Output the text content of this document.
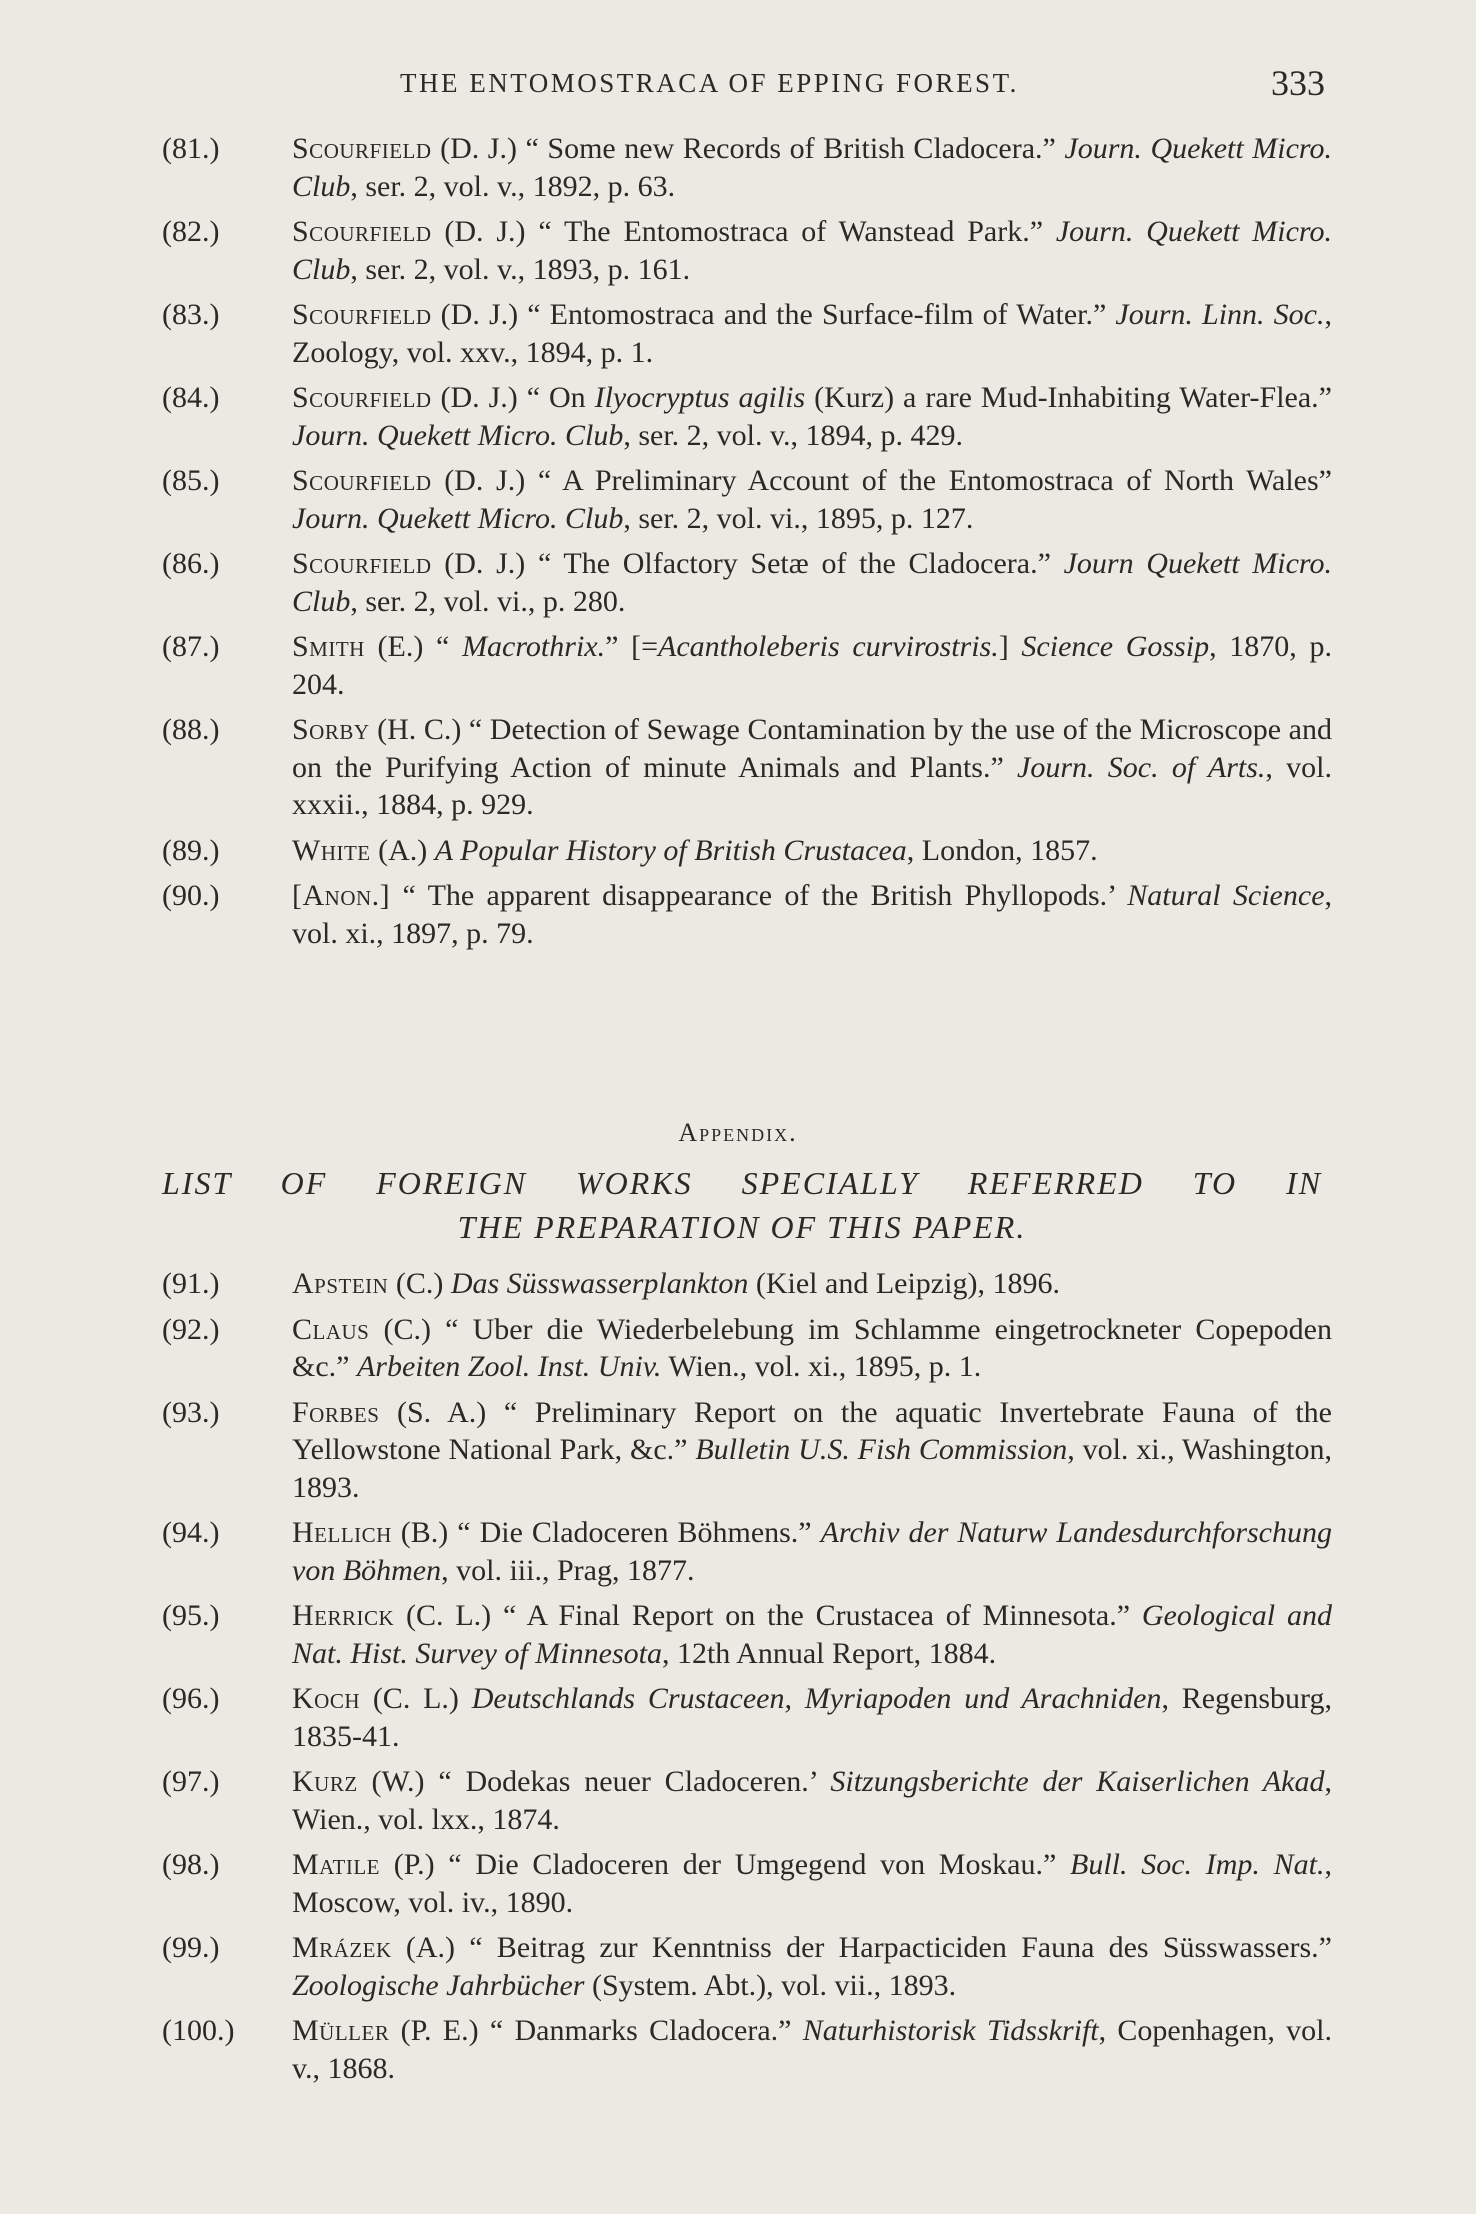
THE ENTOMOSTRACA OF EPPING FOREST.	333
(81.) Scourfield (D. J.) “ Some new Records of British Cladocera.” Journ. Quekett Micro. Club, ser. 2, vol. v., 1892, p. 63.
(82.) Scourfield (D. J.) “ The Entomostraca of Wanstead Park.” Journ. Quekett Micro. Club, ser. 2, vol. v., 1893, p. 161.
(83.) Scourfield (D. J.) “ Entomostraca and the Surface-film of Water.” Journ. Linn. Soc., Zoology, vol. xxv., 1894, p. 1.
(84.) Scourfield (D. J.) “ On Ilyocryptus agilis (Kurz) a rare Mud-Inhabiting Water-Flea.” Journ. Quekett Micro. Club, ser. 2, vol. v., 1894, p. 429.
(85.) Scourfield (D. J.) “ A Preliminary Account of the Entomostraca of North Wales” Journ. Quekett Micro. Club, ser. 2, vol. vi., 1895, p. 127.
(86.) Scourfield (D. J.) “ The Olfactory Setæ of the Cladocera.” Journ Quekett Micro. Club, ser. 2, vol. vi., p. 280.
(87.) Smith (E.) “ Macrothrix.” [=Acantholeberis curvirostris.] Science Gossip, 1870, p. 204.
(88.) Sorby (H. C.) “ Detection of Sewage Contamination by the use of the Microscope and on the Purifying Action of minute Animals and Plants.” Journ. Soc. of Arts., vol. xxxii., 1884, p. 929.
(89.) White (A.) A Popular History of British Crustacea, London, 1857.
(90.) [Anon.] “ The apparent disappearance of the British Phyllopods.’ Natural Science, vol. xi., 1897, p. 79.
Appendix.
LIST OF FOREIGN WORKS SPECIALLY REFERRED TO IN
THE PREPARATION OF THIS PAPER.
(91.) Apstein (C.) Das Süsswasserplankton (Kiel and Leipzig), 1896.
(92.) Claus (C.) “ Uber die Wiederbelebung im Schlamme eingetrockneter Copepoden &c.” Arbeiten Zool. Inst. Univ. Wien., vol. xi., 1895, p. 1.
(93.) Forbes (S. A.) “ Preliminary Report on the aquatic Invertebrate Fauna of the Yellowstone National Park, &c.” Bulletin U.S. Fish Commission, vol. xi., Washington, 1893.
(94.) Hellich (B.) “ Die Cladoceren Böhmens.” Archiv der Naturw Landesdurchforschung von Böhmen, vol. iii., Prag, 1877.
(95.) Herrick (C. L.) “ A Final Report on the Crustacea of Minnesota.” Geological and Nat. Hist. Survey of Minnesota, 12th Annual Report, 1884.
(96.) Koch (C. L.) Deutschlands Crustaceen, Myriapoden und Arachniden, Regensburg, 1835-41.
(97.) Kurz (W.) “ Dodekas neuer Cladoceren.’ Sitzungsberichte der Kaiserlichen Akad, Wien., vol. lxx., 1874.
(98.) Matile (P.) “ Die Cladoceren der Umgegend von Moskau.” Bull. Soc. Imp. Nat., Moscow, vol. iv., 1890.
(99.) Mrázek (A.) “ Beitrag zur Kenntniss der Harpacticiden Fauna des Süsswassers.” Zoologische Jahrbücher (System. Abt.), vol. vii., 1893.
(100.) Müller (P. E.) “ Danmarks Cladocera.” Naturhistorisk Tidsskrift, Copenhagen, vol. v., 1868.
